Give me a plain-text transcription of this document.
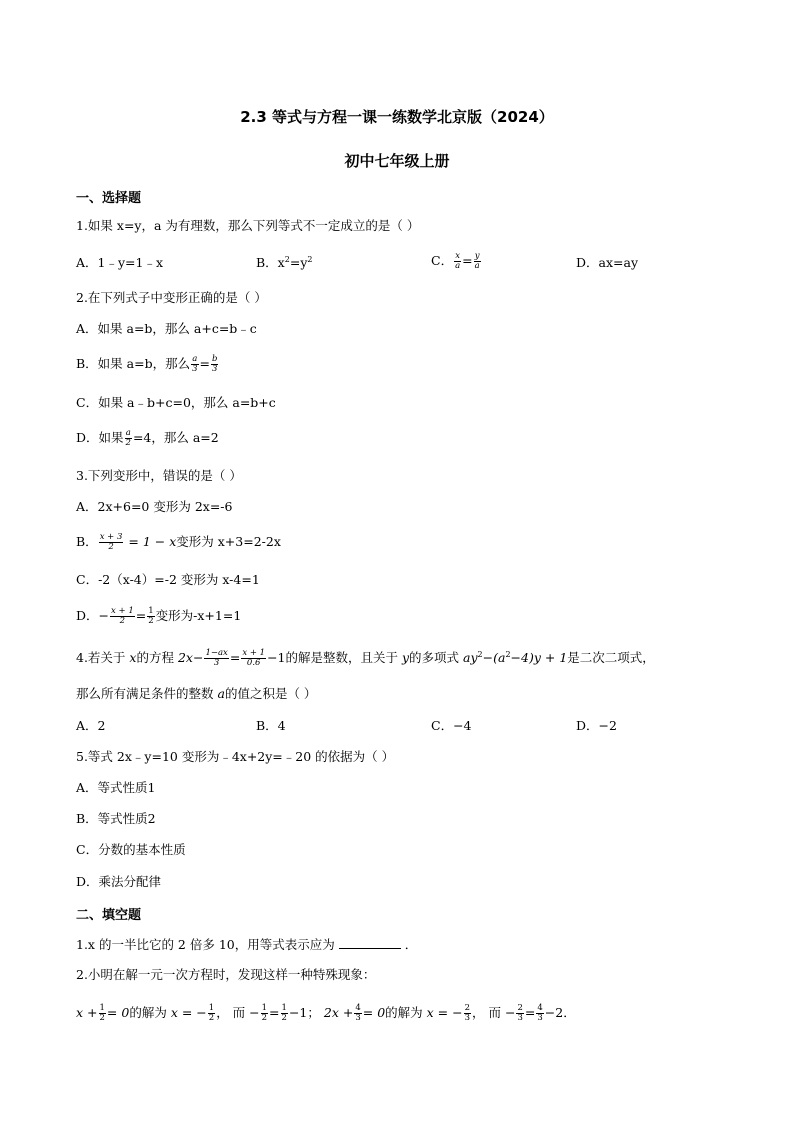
2.3 等式与方程一课一练数学北京版（2024）
初中七年级上册
一、选择题
1.如果 x=y，a 为有理数，那么下列等式不一定成立的是（ ）
A．1﹣y=1﹣x	B．$x^2=y^2$	C． $\frac{x}{a} = \frac{y}{a}$	D．ax=ay
2.在下列式子中变形正确的是（ ）
A．如果 a=b，那么 a+c=b﹣c
B．如果 a=b，那么 $\frac{a}{3} = \frac{b}{3}$
C．如果 a﹣b+c=0，那么 a=b+c
D．如果 $\frac{a}{2} =4$，那么 a=2
3.下列变形中，错误的是（ ）
A．2x+6=0 变形为 2x=-6
B． $\frac{x + 3}{2} = 1 - x$变形为 x+3=2-2x
C．-2（x-4）=-2 变形为 x-4=1
D．− $\frac{x + 1}{2} = \frac{1}{2}$ 变形为-x+1=1
4.若关于 x的方程 $2x- \frac{1-ax}{3} = \frac{x + 1}{0.6} -1$的解是整数，且关于 y的多项式 $ay^2-(a^2-4)y + 1$是二次二项式，
那么所有满足条件的整数 a的值之积是（ ）
A．2	B．4	C．−4	D．−2
5.等式 2x﹣y=10 变形为﹣4x+2y=﹣20 的依据为（ ）
A．等式性质1
B．等式性质2
C．分数的基本性质
D．乘法分配律
二、填空题
1.x 的一半比它的 2 倍多 10，用等式表示应为	．
2.小明在解一元一次方程时，发现这样一种特殊现象：
$x + \frac{1}{2} = 0$的解为 x = − $\frac{1}{2}$ ， 而 − $\frac{1}{2} = \frac{1}{2} -1$； $2x + \frac{4}{3} = 0$的解为 x = − $\frac{2}{3}$ ， 而 − $\frac{2}{3} = \frac{4}{3} -2$．
